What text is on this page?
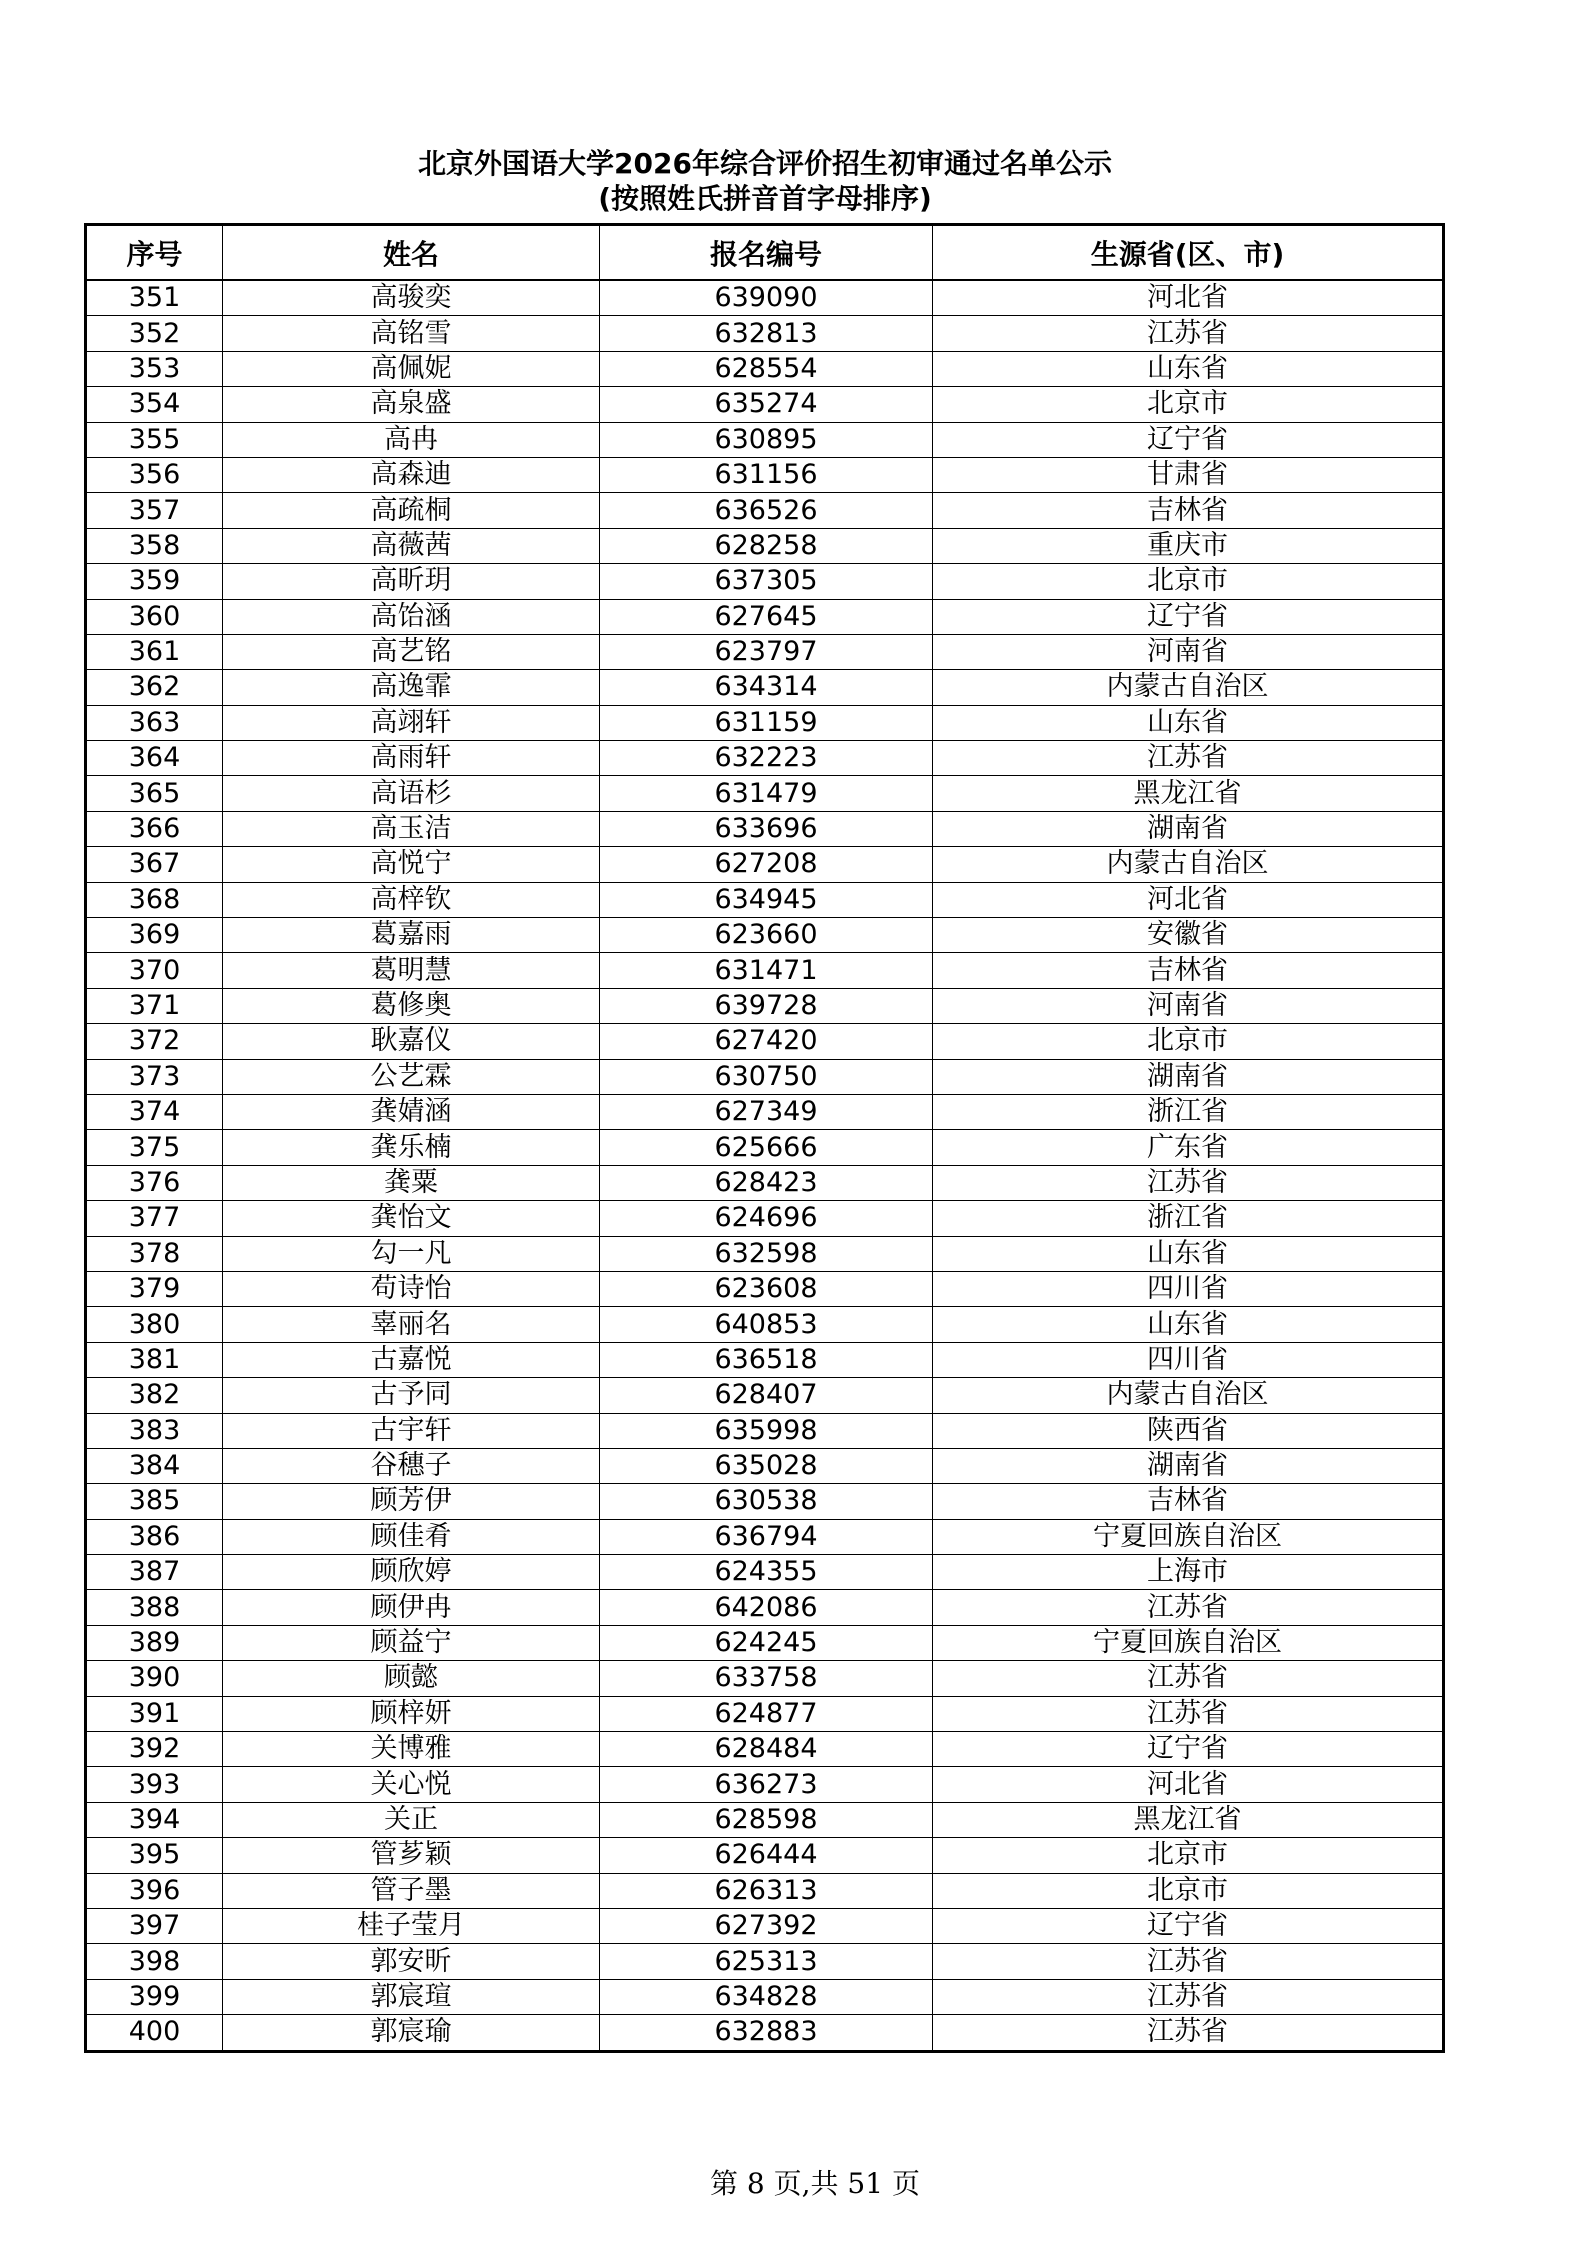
北京外国语大学2026年综合评价招生初审通过名单公示
(按照姓氏拼音首字母排序)
序号	姓名	报名编号	生源省(区、市)
351	高骏奕	639090	河北省
352	高铭雪	632813	江苏省
353	高佩妮	628554	山东省
354	高泉盛	635274	北京市
355	高冉	630895	辽宁省
356	高森迪	631156	甘肃省
357	高疏桐	636526	吉林省
358	高薇茜	628258	重庆市
359	高昕玥	637305	北京市
360	高饴涵	627645	辽宁省
361	高艺铭	623797	河南省
362	高逸霏	634314	内蒙古自治区
363	高翊轩	631159	山东省
364	高雨轩	632223	江苏省
365	高语杉	631479	黑龙江省
366	高玉洁	633696	湖南省
367	高悦宁	627208	内蒙古自治区
368	高梓钦	634945	河北省
369	葛嘉雨	623660	安徽省
370	葛明慧	631471	吉林省
371	葛修奥	639728	河南省
372	耿嘉仪	627420	北京市
373	公艺霖	630750	湖南省
374	龚婧涵	627349	浙江省
375	龚乐楠	625666	广东省
376	龚粟	628423	江苏省
377	龚怡文	624696	浙江省
378	勾一凡	632598	山东省
379	苟诗怡	623608	四川省
380	辜丽名	640853	山东省
381	古嘉悦	636518	四川省
382	古予同	628407	内蒙古自治区
383	古宇轩	635998	陕西省
384	谷穗子	635028	湖南省
385	顾芳伊	630538	吉林省
386	顾佳肴	636794	宁夏回族自治区
387	顾欣婷	624355	上海市
388	顾伊冉	642086	江苏省
389	顾益宁	624245	宁夏回族自治区
390	顾懿	633758	江苏省
391	顾梓妍	624877	江苏省
392	关博雅	628484	辽宁省
393	关心悦	636273	河北省
394	关正	628598	黑龙江省
395	管芗颖	626444	北京市
396	管子墨	626313	北京市
397	桂子莹月	627392	辽宁省
398	郭安昕	625313	江苏省
399	郭宸瑄	634828	江苏省
400	郭宸瑜	632883	江苏省
第 8 页,共 51 页
